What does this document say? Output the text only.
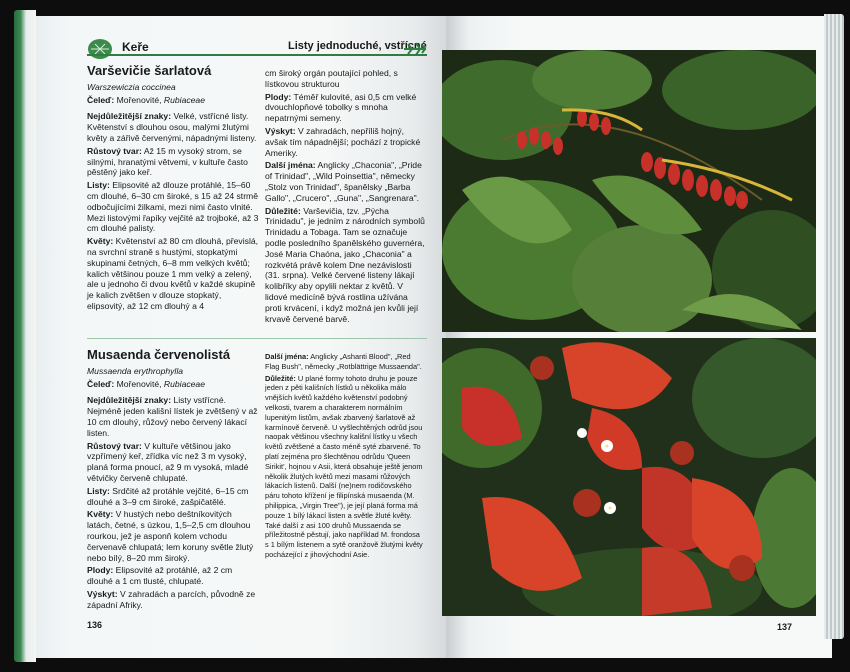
Keře	Listy jednoduché, vstřícné
Varševičie šarlatová

Warszewiczia coccinea

Čeleď: Mořenovité, Rubiaceae

Nejdůležitější znaky: Velké, vstřícné listy. Květenství s dlouhou osou, malými žlutými květy a zářivě červenými, nápadnými listeny.

Růstový tvar: Až 15 m vysoký strom, se silnými, hranatými větvemi, v kultuře často pěstěný jako keř.

Listy: Elipsovité až dlouze protáhlé, 15–60 cm dlouhé, 6–30 cm široké, s 15 až 24 strmě odbočujícími žilkami, mezi nimi často vlnité. Mezi listovými řapíky vejčité až trojboké, až 3 cm dlouhé palisty.

Květy: Květenství až 80 cm dlouhá, převislá, na svrchní straně s hustými, stopkatými skupinami četných, 6–8 mm velkých květů; kalich většinou pouze 1 mm velký a zelený, ale u jednoho či dvou květů v každé skupině je kalich zvětšen v dlouze stopkatý, elipsovitý, až 12 cm dlouhý a 4

cm široký orgán poutající pohled, s lístkovou strukturou

Plody: Téměř kulovité, asi 0,5 cm velké dvouchlopňové tobolky s mnoha nepatrnými semeny.

Výskyt: V zahradách, nepříliš hojný, avšak tím nápadnější; pochází z tropické Ameriky.

Další jména: Anglicky „Chaconia", „Pride of Trinidad", „Wild Poinsettia", německy „Stolz von Trinidad", španělsky „Barba Gallo", „Crucero", „Guna", „Sangrenara".

Důležité: Varševičia, tzv. „Pýcha Trinidadu", je jedním z národních symbolů Trinidadu a Tobaga. Tam se označuje podle posledního španělského guvernéra, José Maria Chaóna, jako „Chaconia" a rozkvétá právě kolem Dne nezávislosti (31. srpna). Velké červené listeny lákají kolibříky aby opylili nektar z květů. V lidové medicíně bývá rostlina užívána proti krvácení, i když možná jen kvůli její krvavě červené barvě.

Musaenda červenolistá

Mussaenda erythrophylla

Čeleď: Mořenovité, Rubiaceae

Nejdůležitější znaky: Listy vstřícné. Nejméně jeden kališní lístek je zvětšený v až 10 cm dlouhý, růžový nebo červený lákací listen.

Růstový tvar: V kultuře většinou jako vzpřímený keř, zřídka víc než 3 m vysoký, planá forma pnoucí, až 9 m vysoká, mladé větvičky červeně chlupaté.

Listy: Srdčité až protáhle vejčité, 6–15 cm dlouhé a 3–9 cm široké, zašpičatělé.

Květy: V hustých nebo deštníkovitých latách, četné, s úzkou, 1,5–2,5 cm dlouhou rourkou, jež je asponň kolem vchodu červenavě chlupatá; lem koruny světle žlutý nebo bílý, 8–20 mm široký.

Plody: Elipsovité až protáhlé, až 2 cm dlouhé a 1 cm tlusté, chlupaté.

Výskyt: V zahradách a parcích, původně ze západní Afriky.

Další jména: Anglicky „Ashanti Blood", „Red Flag Bush", německy „Rotblättrige Mussaenda".

Důležité: U plané formy tohoto druhu je pouze jeden z pěti kališních lístků u několika málo vnějších květů každého květenství podobný velkosti, tvarem a charakterem normálním lupenitým listům, avšak zbarvený šarlatově až karmínově červeně. U vyšlechtěných odrůd jsou naopak většinou všechny kališní lístky u všech květů zvětšené a často méně syté zbarvené. To platí zejména pro šlechtěnou odrůdu 'Queen Sirikit', hojnou v Asii, která obsahuje ještě jenom několik žlutých květů mezi masami růžových lákacích listenů. Další (ne)nem rodičovského páru tohoto křížení je filipínská musaenda (M. philippica, „Virgin Tree"), je její planá forma má pouze 1 bílý lákací listen a světle žluté květy. Také další z asi 100 druhů Mussaenda se příležitostně pěstují, jako například M. frondosa s 1 bílým listenem a sytě oranžově žlutými květy pocházející z jihovýchodní Asie.

136	137
